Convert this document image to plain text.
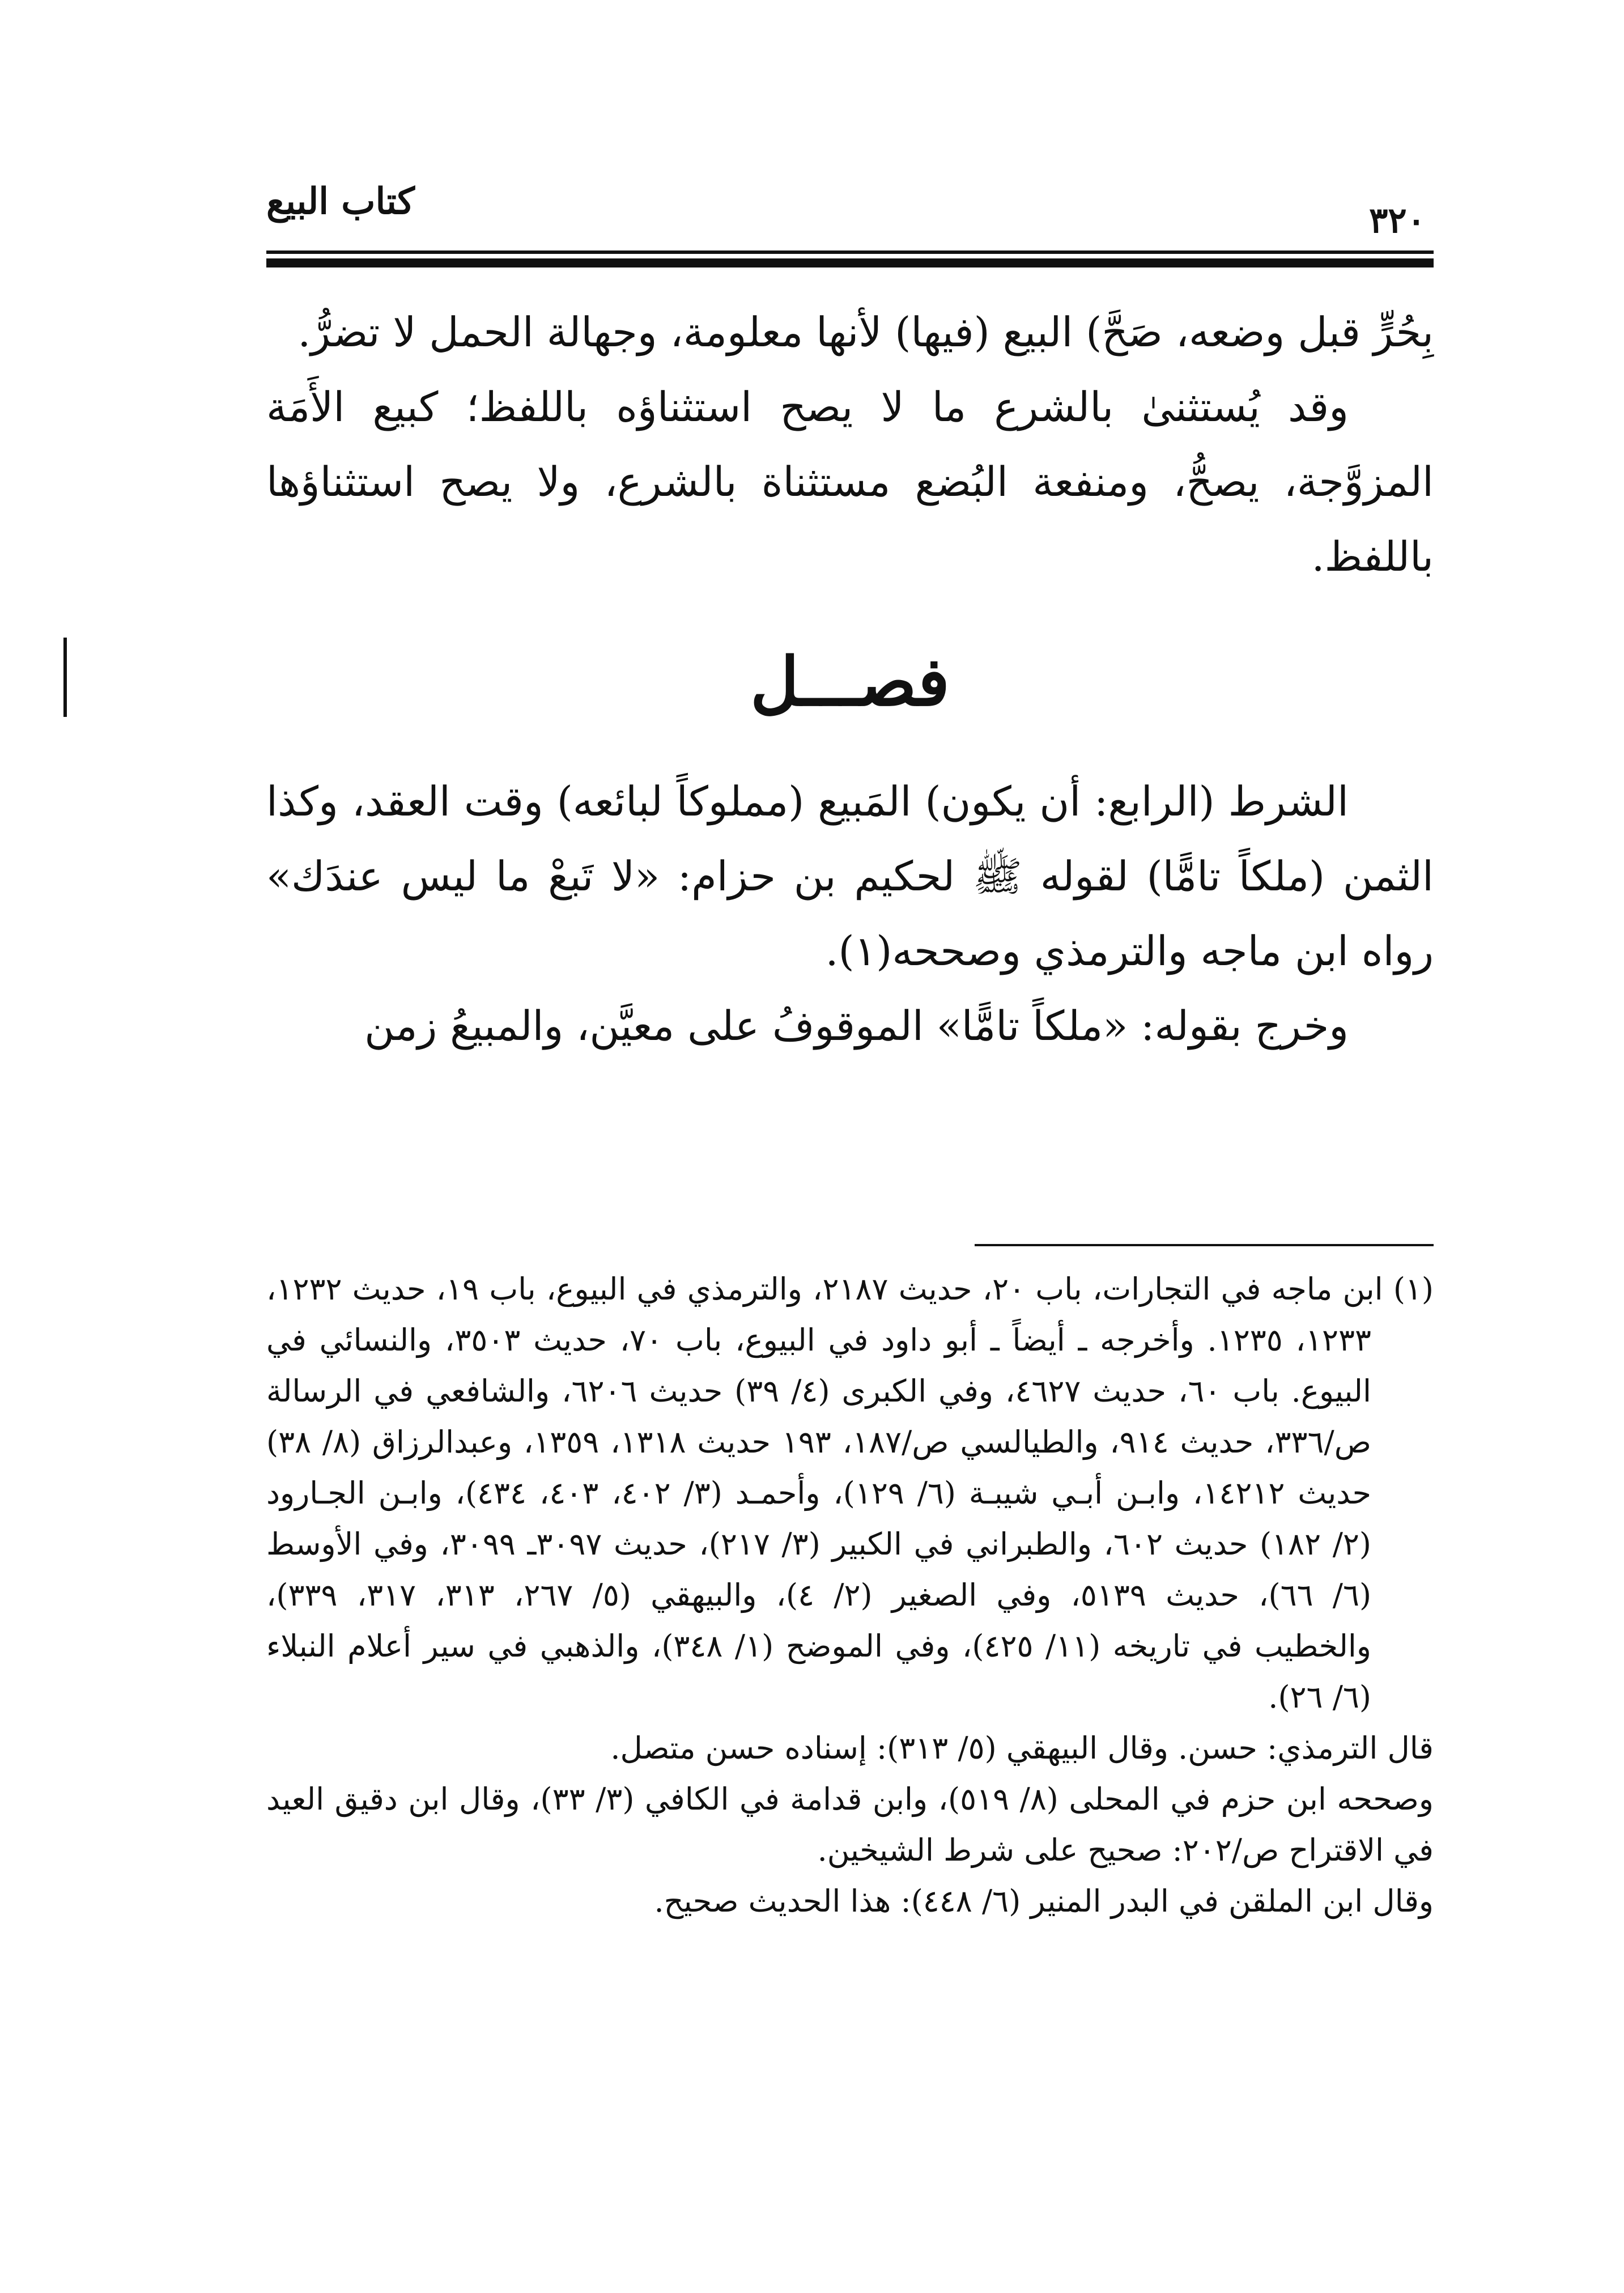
كتاب البيع	٣٢٠

بِحُرٍّ قبل وضعه، صَحَّ) البيع (فيها) لأنها معلومة، وجهالة الحمل لا تضرُّ.

وقد يُستثنىٰ بالشرع ما لا يصح استثناؤه باللفظ؛ كبيع الأَمَة المزوَّجة، يصحُّ، ومنفعة البُضع مستثناة بالشرع، ولا يصح استثناؤها باللفظ.

فصـــل

الشرط (الرابع: أن يكون) المَبيع (مملوكاً لبائعه) وقت العقد، وكذا الثمن (ملكاً تامًّا) لقوله ﷺ لحكيم بن حزام: «لا تَبعْ ما ليس عندَك» رواه ابن ماجه والترمذي وصححه(١).

وخرج بقوله: «ملكاً تامًّا» الموقوفُ على معيَّن، والمبيعُ زمن

(١) ابن ماجه في التجارات، باب ٢٠، حديث ٢١٨٧، والترمذي في البيوع، باب ١٩، حديث ١٢٣٢، ١٢٣٣، ١٢٣٥. وأخرجه ـ أيضاً ـ أبو داود في البيوع، باب ٧٠، حديث ٣٥٠٣، والنسائي في البيوع. باب ٦٠، حديث ٤٦٢٧، وفي الكبرى (٤/ ٣٩) حديث ٦٢٠٦، والشافعي في الرسالة ص/٣٣٦، حديث ٩١٤، والطيالسي ص/١٨٧، ١٩٣ حديث ١٣١٨، ١٣٥٩، وعبدالرزاق (٨/ ٣٨) حديث ١٤٢١٢، وابـن أبـي شيبـة (٦/ ١٢٩)، وأحمـد (٣/ ٤٠٢، ٤٠٣، ٤٣٤)، وابـن الجـارود (٢/ ١٨٢) حديث ٦٠٢، والطبراني في الكبير (٣/ ٢١٧)، حديث ٣٠٩٧ـ ٣٠٩٩، وفي الأوسط (٦/ ٦٦)، حديث ٥١٣٩، وفي الصغير (٢/ ٤)، والبيهقي (٥/ ٢٦٧، ٣١٣، ٣١٧، ٣٣٩)، والخطيب في تاريخه (١١/ ٤٢٥)، وفي الموضح (١/ ٣٤٨)، والذهبي في سير أعلام النبلاء (٦/ ٢٦).

قال الترمذي: حسن. وقال البيهقي (٥/ ٣١٣): إسناده حسن متصل.

وصححه ابن حزم في المحلى (٨/ ٥١٩)، وابن قدامة في الكافي (٣/ ٣٣)، وقال ابن دقيق العيد في الاقتراح ص/٢٠٢: صحيح على شرط الشيخين.

وقال ابن الملقن في البدر المنير (٦/ ٤٤٨): هذا الحديث صحيح.
